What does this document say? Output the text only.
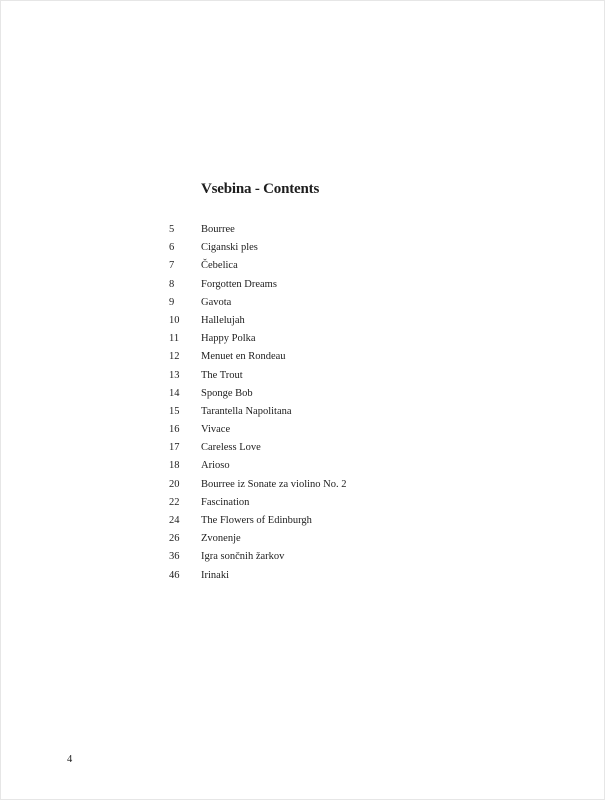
Vsebina - Contents
5	Bourree
6	Ciganski ples
7	Čebelica
8	Forgotten Dreams
9	Gavota
10	Hallelujah
11	Happy Polka
12	Menuet en Rondeau
13	The Trout
14	Sponge Bob
15	Tarantella Napolitana
16	Vivace
17	Careless Love
18	Arioso
20	Bourree iz Sonate za violino No. 2
22	Fascination
24	The Flowers of Edinburgh
26	Zvonenje
36	Igra sončnih žarkov
46	Irinaki
4
